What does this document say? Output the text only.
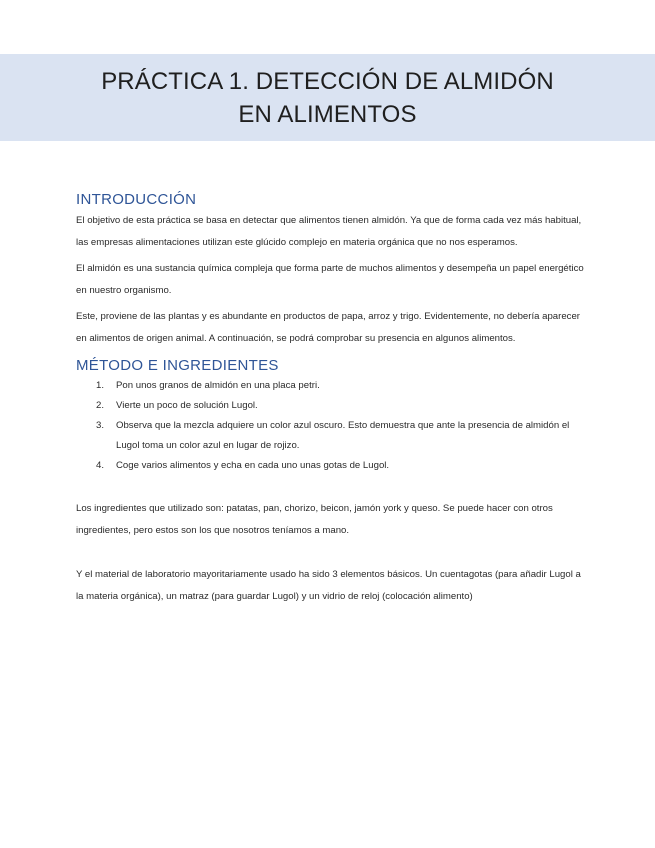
PRÁCTICA 1. DETECCIÓN DE ALMIDÓN
EN ALIMENTOS
INTRODUCCIÓN

El objetivo de esta práctica se basa en detectar que alimentos tienen almidón. Ya que de forma cada vez más habitual, las empresas alimentaciones utilizan este glúcido complejo en materia orgánica que no nos esperamos.

El almidón es una sustancia química compleja que forma parte de muchos alimentos y desempeña un papel energético en nuestro organismo.

Este, proviene de las plantas y es abundante en productos de papa, arroz y trigo. Evidentemente, no debería aparecer en alimentos de origen animal. A continuación, se podrá comprobar su presencia en algunos alimentos.

MÉTODO E INGREDIENTES
1. Pon unos granos de almidón en una placa petri.
2. Vierte un poco de solución Lugol.
3. Observa que la mezcla adquiere un color azul oscuro. Esto demuestra que ante la presencia de almidón el Lugol toma un color azul en lugar de rojizo.
4. Coge varios alimentos y echa en cada uno unas gotas de Lugol.

Los ingredientes que utilizado son: patatas, pan, chorizo, beicon, jamón york y queso. Se puede hacer con otros ingredientes, pero estos son los que nosotros teníamos a mano.

Y el material de laboratorio mayoritariamente usado ha sido 3 elementos básicos. Un cuentagotas (para añadir Lugol a la materia orgánica), un matraz (para guardar Lugol) y un vidrio de reloj (colocación alimento)
